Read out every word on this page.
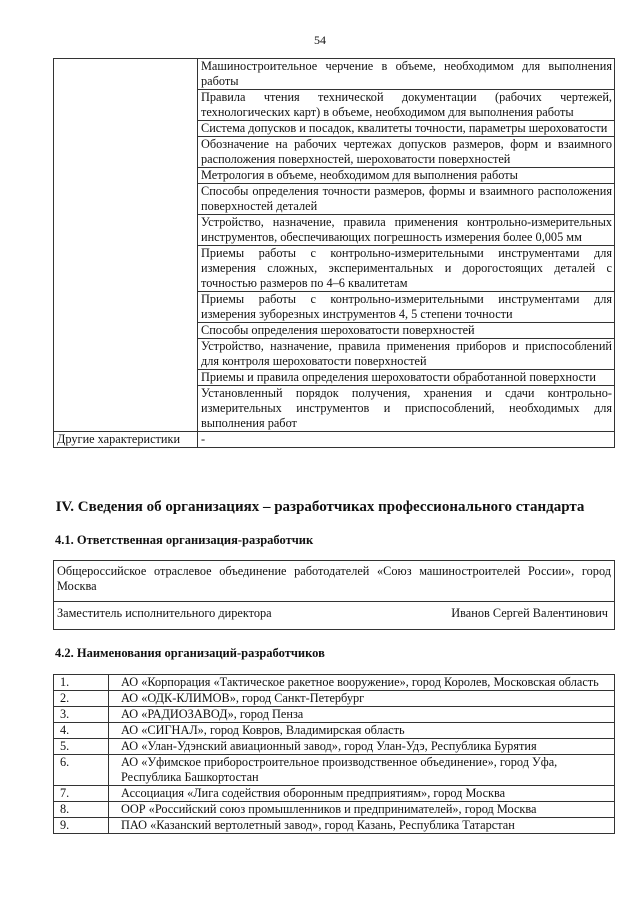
54
	Машиностроительное черчение в объеме, необходимом для выполнения работы
	Правила чтения технической документации (рабочих чертежей, технологических карт) в объеме, необходимом для выполнения работы
	Система допусков и посадок, квалитеты точности, параметры шероховатости
	Обозначение на рабочих чертежах допусков размеров, форм и взаимного расположения поверхностей, шероховатости поверхностей
	Метрология в объеме, необходимом для выполнения работы
	Способы определения точности размеров, формы и взаимного расположения поверхностей деталей
	Устройство, назначение, правила применения контрольно-измерительных инструментов, обеспечивающих погрешность измерения более 0,005 мм
	Приемы работы с контрольно-измерительными инструментами для измерения сложных, экспериментальных и дорогостоящих деталей с точностью размеров по 4–6 квалитетам
	Приемы работы с контрольно-измерительными инструментами для измерения зуборезных инструментов 4, 5 степени точности
	Способы определения шероховатости поверхностей
	Устройство, назначение, правила применения приборов и приспособлений для контроля шероховатости поверхностей
	Приемы и правила определения шероховатости обработанной поверхности
	Установленный порядок получения, хранения и сдачи контрольно-измерительных инструментов и приспособлений, необходимых для выполнения работ
Другие характеристики	-
IV. Сведения об организациях – разработчиках профессионального стандарта
4.1. Ответственная организация-разработчик
Общероссийское отраслевое объединение работодателей «Союз машиностроителей России», город Москва
Заместитель исполнительного директора	Иванов Сергей Валентинович
4.2. Наименования организаций-разработчиков
1.	АО «Корпорация «Тактическое ракетное вооружение», город Королев, Московская область
2.	АО «ОДК-КЛИМОВ», город Санкт-Петербург
3.	АО «РАДИОЗАВОД», город Пенза
4.	АО «СИГНАЛ», город Ковров, Владимирская область
5.	АО «Улан-Удэнский авиационный завод», город Улан-Удэ, Республика Бурятия
6.	АО «Уфимское приборостроительное производственное объединение», город Уфа, Республика Башкортостан
7.	Ассоциация «Лига содействия оборонным предприятиям», город Москва
8.	ООР «Российский союз промышленников и предпринимателей», город Москва
9.	ПАО «Казанский вертолетный завод», город Казань, Республика Татарстан
